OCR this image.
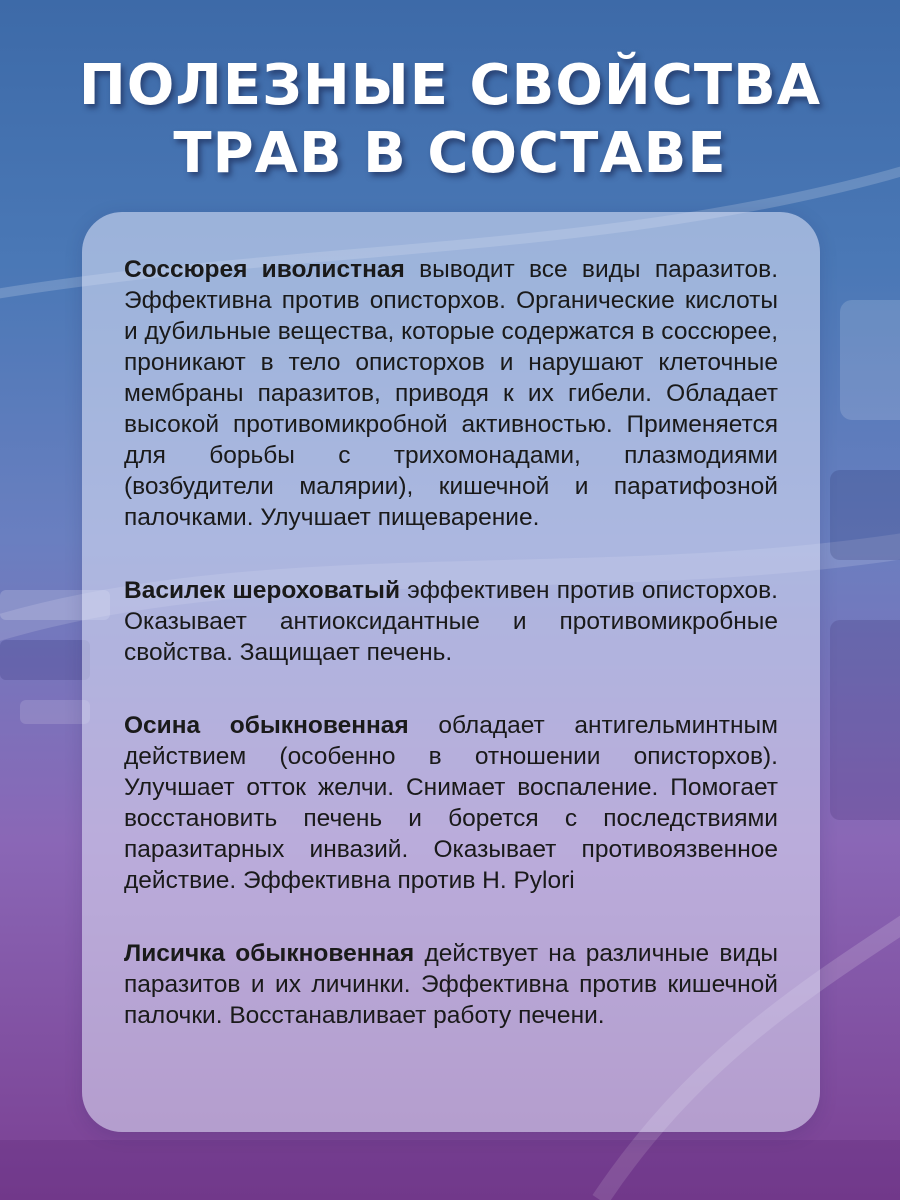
ПОЛЕЗНЫЕ СВОЙСТВА
ТРАВ В СОСТАВЕ

Соссюрея иволистная выводит все виды паразитов. Эффективна против описторхов. Органические кислоты и дубильные вещества, которые содержатся в соссюрее, проникают в тело описторхов и нарушают клеточные мембраны паразитов, приводя к их гибели. Обладает высокой противомикробной активностью. Применяется для борьбы с трихомонадами, плазмодиями (возбудители малярии), кишечной и паратифозной палочками. Улучшает пищеварение.

Василек шероховатый эффективен против описторхов. Оказывает антиоксидантные и противомикробные свойства. Защищает печень.

Осина обыкновенная обладает антигельминтным действием (особенно в отношении описторхов). Улучшает отток желчи. Снимает воспаление. Помогает восстановить печень и борется с последствиями паразитарных инвазий. Оказывает противоязвенное действие. Эффективна против H. Pylori

Лисичка обыкновенная действует на различные виды паразитов и их личинки. Эффективна против кишечной палочки. Восстанавливает работу печени.
